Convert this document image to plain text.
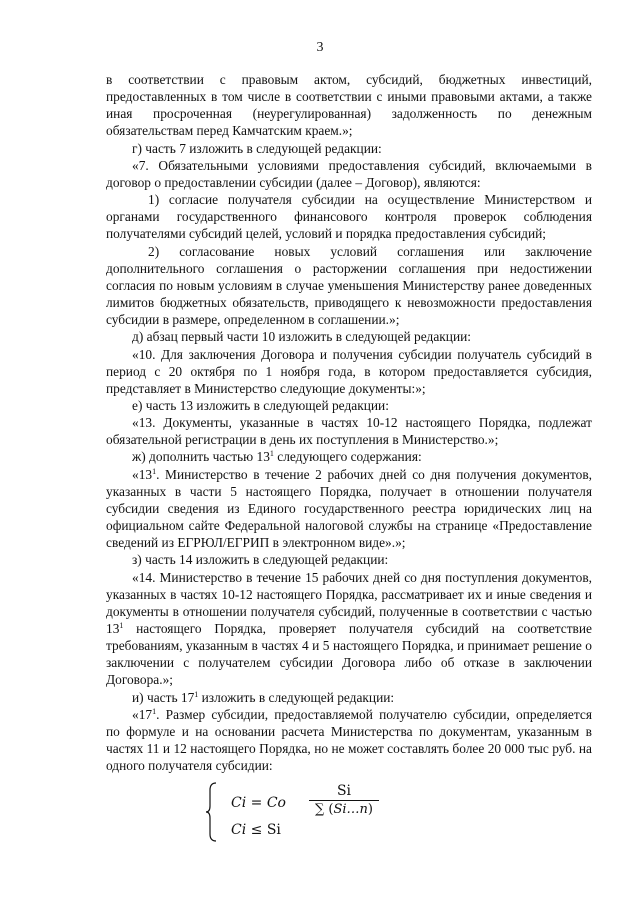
3

в соответствии с правовым актом, субсидий, бюджетных инвестиций, предоставленных в том числе в соответствии с иными правовыми актами, а также иная просроченная (неурегулированная) задолженность по денежным обязательствам перед Камчатским краем.»;

г) часть 7 изложить в следующей редакции:

«7. Обязательными условиями предоставления субсидий, включаемыми в договор о предоставлении субсидии (далее – Договор), являются:

1) согласие получателя субсидии на осуществление Министерством и органами государственного финансового контроля проверок соблюдения получателями субсидий целей, условий и порядка предоставления субсидий;

2) согласование новых условий соглашения или заключение дополнительного соглашения о расторжении соглашения при недостижении согласия по новым условиям в случае уменьшения Министерству ранее доведенных лимитов бюджетных обязательств, приводящего к невозможности предоставления субсидии в размере, определенном в соглашении.»;

д) абзац первый части 10 изложить в следующей редакции:

«10. Для заключения Договора и получения субсидии получатель субсидий в период с 20 октября по 1 ноября года, в котором предоставляется субсидия, представляет в Министерство следующие документы:»;

е) часть 13 изложить в следующей редакции:

«13. Документы, указанные в частях 10-12 настоящего Порядка, подлежат обязательной регистрации в день их поступления в Министерство.»;

ж) дополнить частью $13^1$ следующего содержания:

«$13^1$. Министерство в течение 2 рабочих дней со дня получения документов, указанных в части 5 настоящего Порядка, получает в отношении получателя субсидии сведения из Единого государственного реестра юридических лиц на официальном сайте Федеральной налоговой службы на странице «Предоставление сведений из ЕГРЮЛ/ЕГРИП в электронном виде».»;

з) часть 14 изложить в следующей редакции:

«14. Министерство в течение 15 рабочих дней со дня поступления документов, указанных в частях 10-12 настоящего Порядка, рассматривает их и иные сведения и документы в отношении получателя субсидий, полученные в соответствии с частью $13^1$ настоящего Порядка, проверяет получателя субсидий на соответствие требованиям, указанным в частях 4 и 5 настоящего Порядка, и принимает решение о заключении с получателем субсидии Договора либо об отказе в заключении Договора.»;

и) часть $17^1$ изложить в следующей редакции:

«$17^1$. Размер субсидии, предоставляемой получателю субсидии, определяется по формуле и на основании расчета Министерства по документам, указанным в частях 11 и 12 настоящего Порядка, но не может составлять более 20 000 тыс руб. на одного получателя субсидии:

Ci = Co $\frac{Si}{\sum (Si\dots n)}$
Ci ≤ Si
